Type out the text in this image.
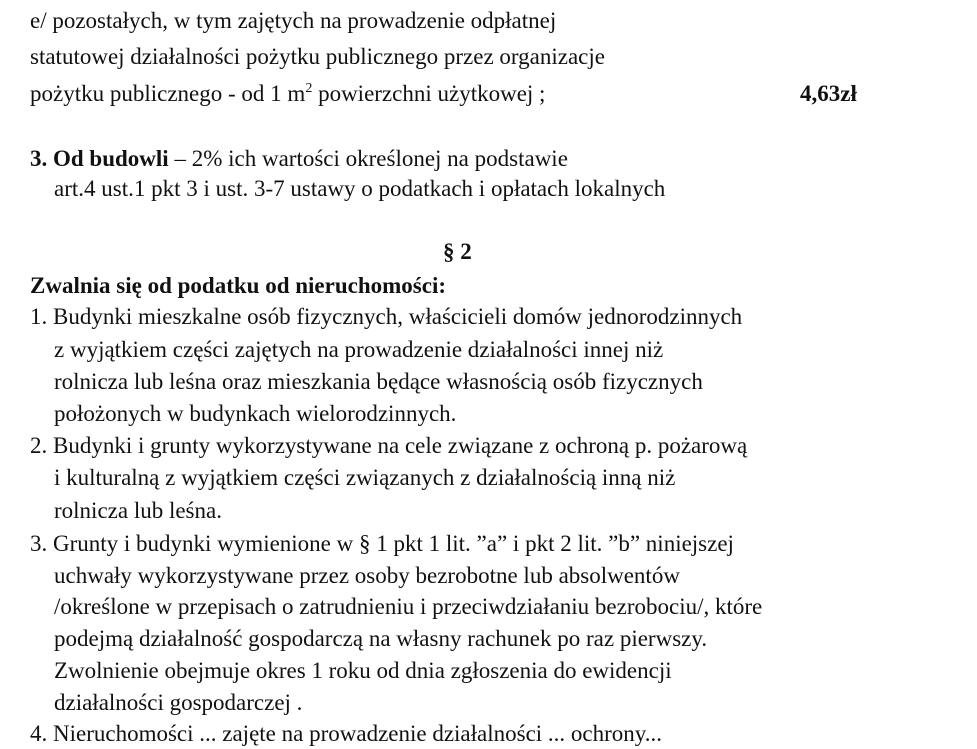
e/ pozostałych, w tym zajętych na prowadzenie odpłatnej
statutowej działalności pożytku publicznego przez organizacje
pożytku publicznego - od 1 $m^2$ powierzchni użytkowej ;	4,63zł
3. Od budowli – 2% ich wartości określonej na podstawie
art.4 ust.1 pkt 3 i ust. 3-7 ustawy o podatkach i opłatach lokalnych
§ 2
Zwalnia się od podatku od nieruchomości:
1. Budynki mieszkalne osób fizycznych, właścicieli domów jednorodzinnych
z wyjątkiem części zajętych na prowadzenie działalności innej niż
rolnicza lub leśna oraz mieszkania będące własnością osób fizycznych
położonych w budynkach wielorodzinnych.
2. Budynki i grunty wykorzystywane na cele związane z ochroną p. pożarową
i kulturalną z wyjątkiem części związanych z działalnością inną niż
rolnicza lub leśna.
3. Grunty i budynki wymienione w § 1 pkt 1 lit. ”a” i pkt 2 lit. ”b” niniejszej
uchwały wykorzystywane przez osoby bezrobotne lub absolwentów
/określone w przepisach o zatrudnieniu i przeciwdziałaniu bezrobociu/, które
podejmą działalność gospodarczą na własny rachunek po raz pierwszy.
Zwolnienie obejmuje okres 1 roku od dnia zgłoszenia do ewidencji
działalności gospodarczej .
4. Nieruchomości ... zajęte na prowadzenie działalności ... ochrony...
